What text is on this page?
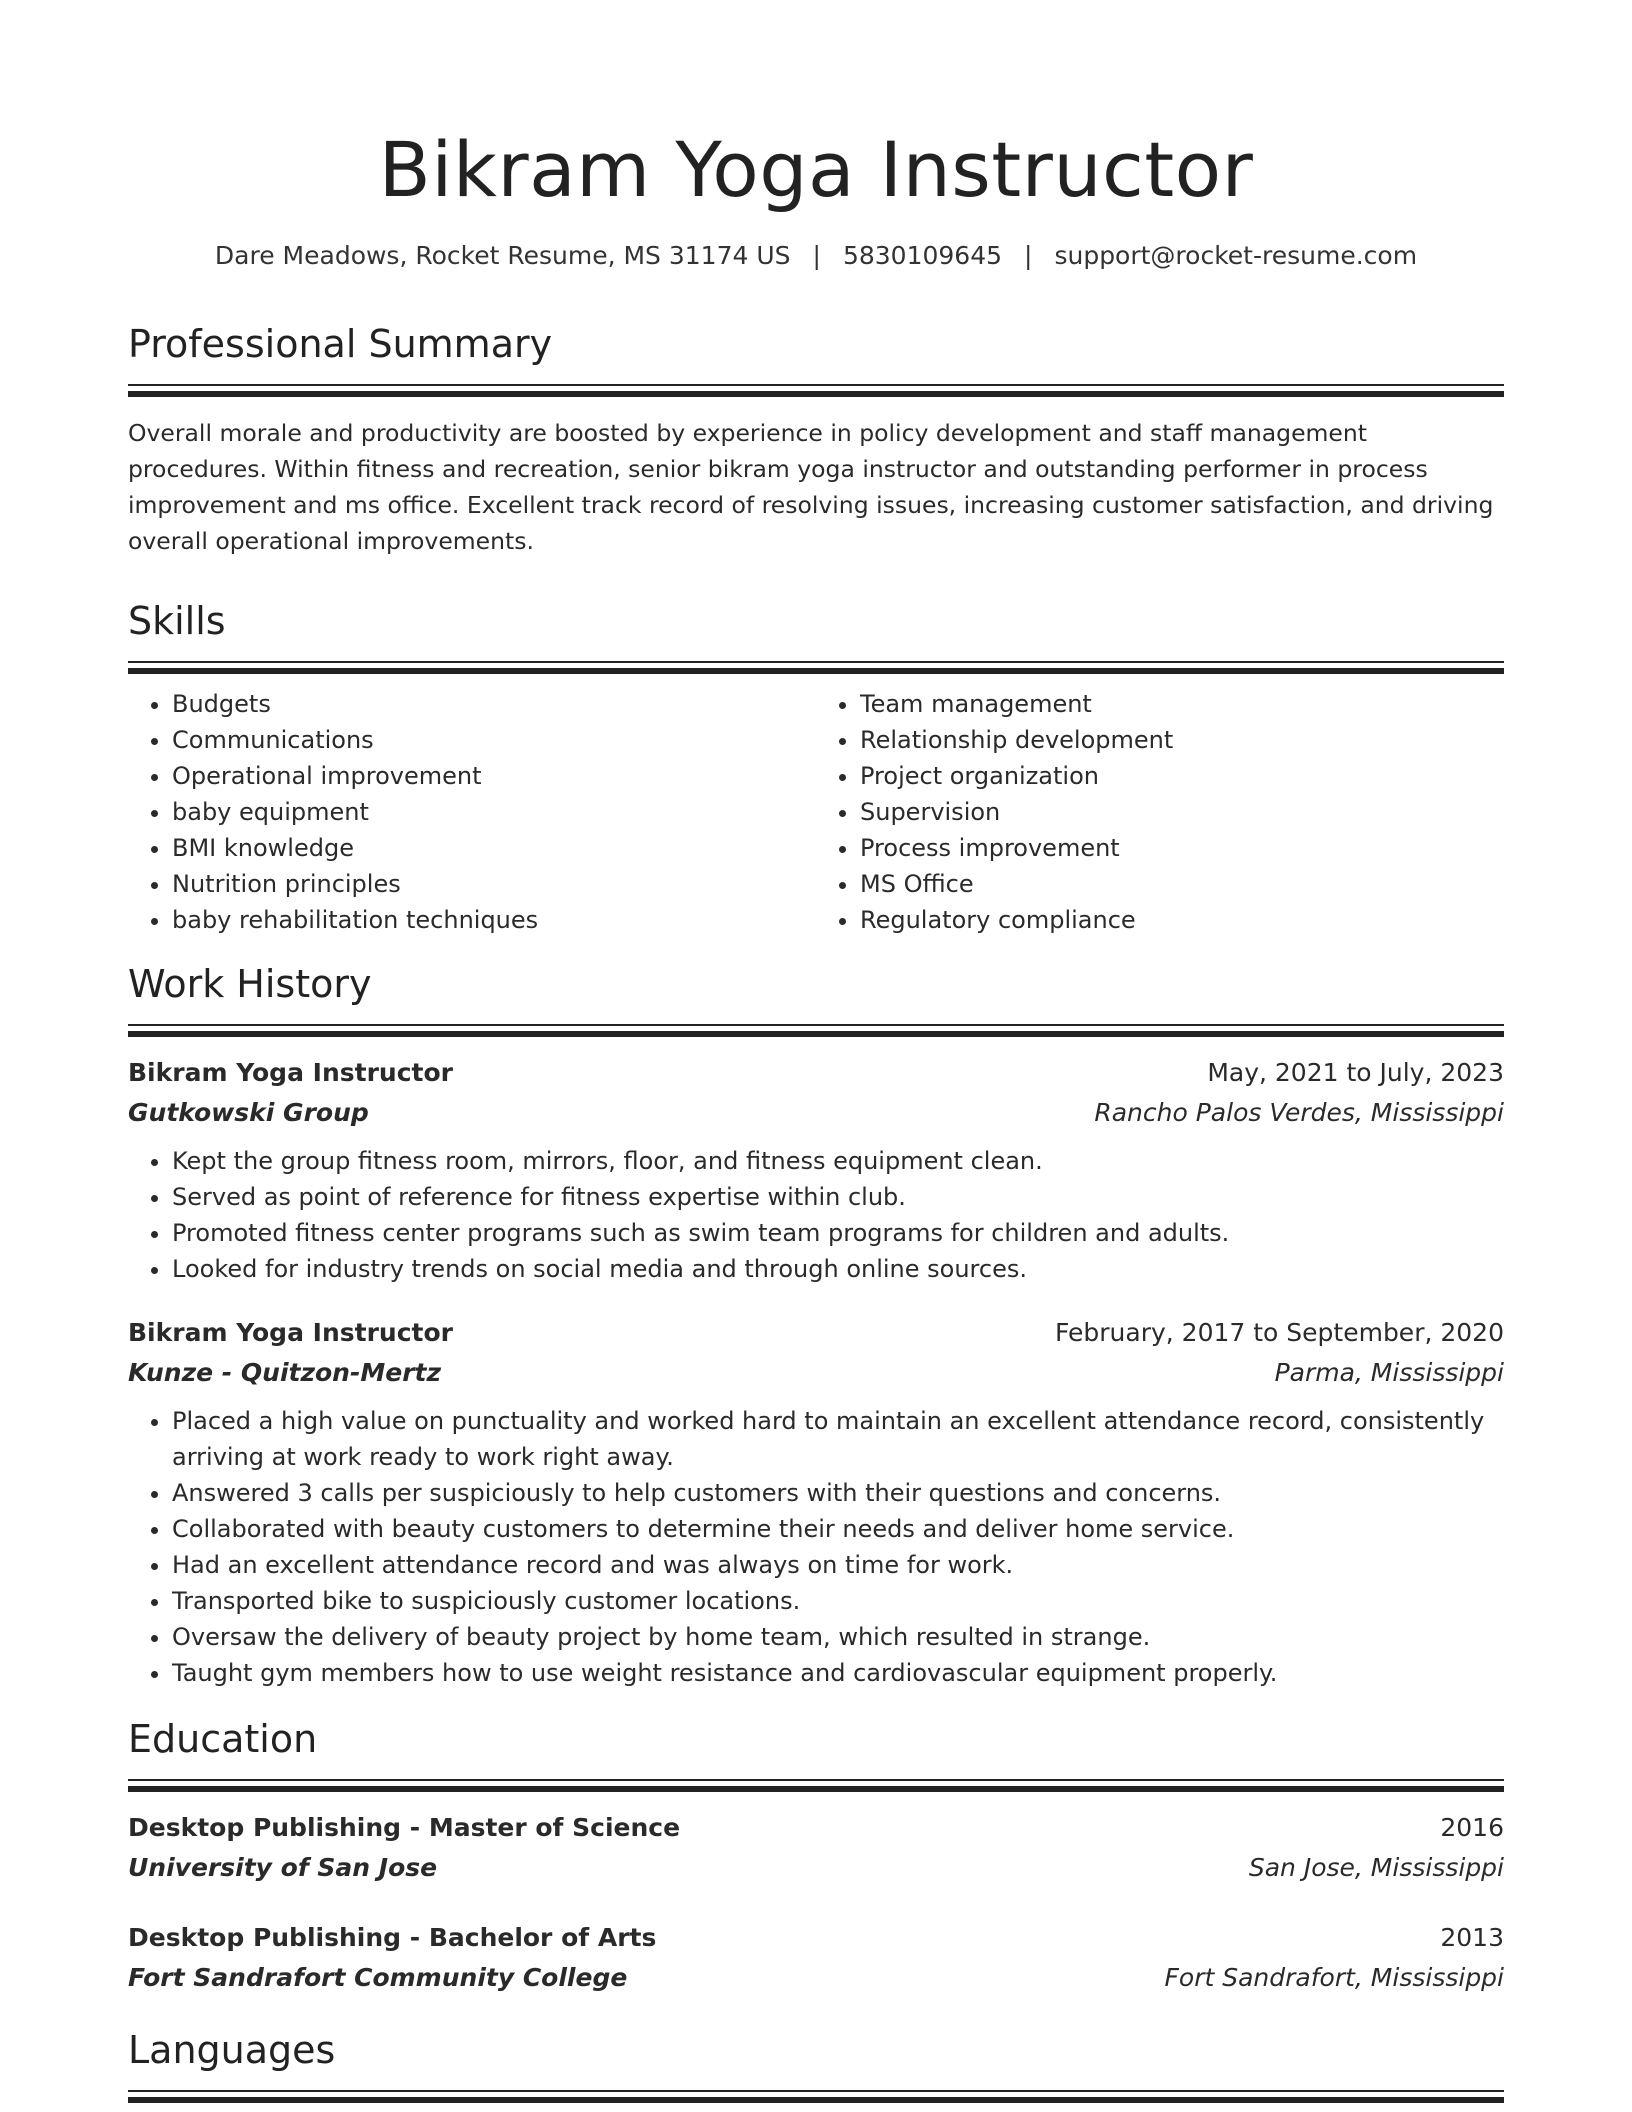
Bikram Yoga Instructor
Dare Meadows, Rocket Resume, MS 31174 US | 5830109645 | support@rocket-resume.com
Professional Summary

Overall morale and productivity are boosted by experience in policy development and staff management procedures. Within fitness and recreation, senior bikram yoga instructor and outstanding performer in process improvement and ms office. Excellent track record of resolving issues, increasing customer satisfaction, and driving overall operational improvements.

Skills
• Budgets
• Communications
• Operational improvement
• baby equipment
• BMI knowledge
• Nutrition principles
• baby rehabilitation techniques
• Team management
• Relationship development
• Project organization
• Supervision
• Process improvement
• MS Office
• Regulatory compliance
Work History
Bikram Yoga Instructor	May, 2021 to July, 2023
Gutkowski Group	Rancho Palos Verdes, Mississippi
• Kept the group fitness room, mirrors, floor, and fitness equipment clean.
• Served as point of reference for fitness expertise within club.
• Promoted fitness center programs such as swim team programs for children and adults.
• Looked for industry trends on social media and through online sources.
Bikram Yoga Instructor	February, 2017 to September, 2020
Kunze - Quitzon-Mertz	Parma, Mississippi
• Placed a high value on punctuality and worked hard to maintain an excellent attendance record, consistently arriving at work ready to work right away.
• Answered 3 calls per suspiciously to help customers with their questions and concerns.
• Collaborated with beauty customers to determine their needs and deliver home service.
• Had an excellent attendance record and was always on time for work.
• Transported bike to suspiciously customer locations.
• Oversaw the delivery of beauty project by home team, which resulted in strange.
• Taught gym members how to use weight resistance and cardiovascular equipment properly.
Education
Desktop Publishing - Master of Science	2016
University of San Jose	San Jose, Mississippi
Desktop Publishing - Bachelor of Arts	2013
Fort Sandrafort Community College	Fort Sandrafort, Mississippi
Languages
